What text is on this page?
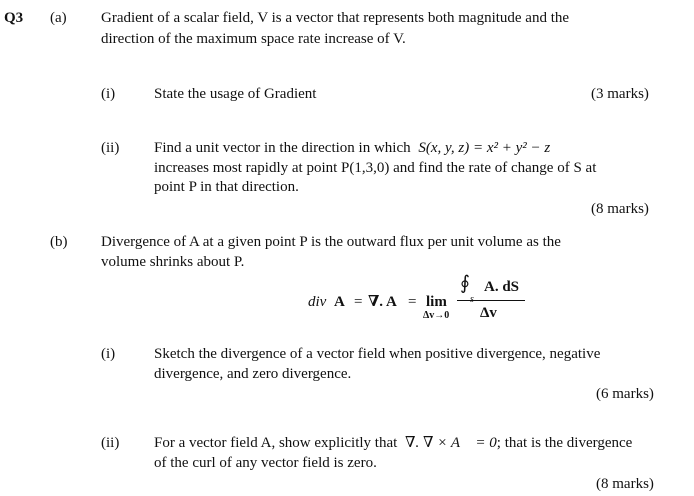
Q3 (a) Gradient of a scalar field, V is a vector that represents both magnitude and the
direction of the maximum space rate increase of V.
(i)	State the usage of Gradient	(3 marks)
(ii) Find a unit vector in the direction in which S(x, y, z) = x² + y² − z
increases most rapidly at point P(1,3,0) and find the rate of change of S at
point P in that direction.
(8 marks)
(b) Divergence of A at a given point P is the outward flux per unit volume as the
volume shrinks about P.
div A = ∇. A = lim
Δv→0
∮
s
A. dS
Δv
(i)	Sketch the divergence of a vector field when positive divergence, negative
divergence, and zero divergence.
(6 marks)
(ii) For a vector field A, show explicitly that ∇. ∇ × A⃗ = 0; that is the divergence
of the curl of any vector field is zero.
(8 marks)
